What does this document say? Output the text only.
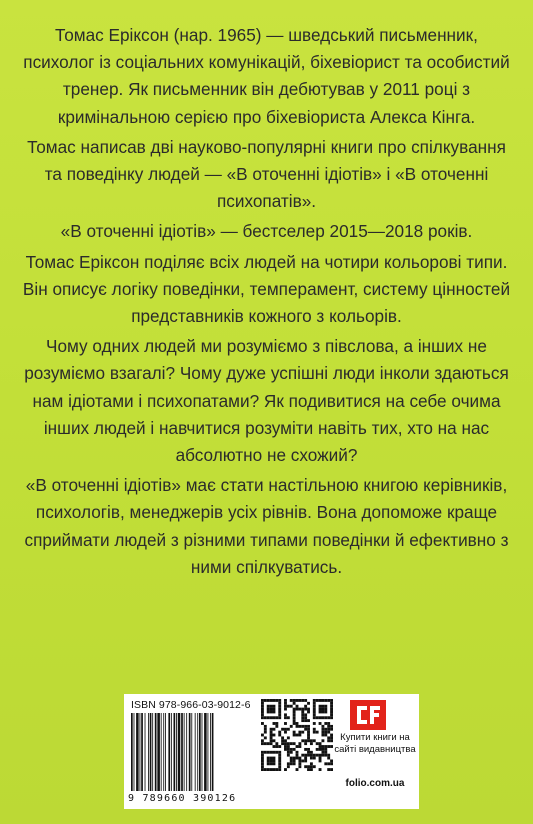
Томас Еріксон (нар. 1965) — шведський письменник, психолог із соціальних комунікацій, біхевіорист та особистий тренер. Як письменник він дебютував у 2011 році з кримінальною серією про біхевіориста Алекса Кінга.

Томас написав дві науково-популярні книги про спілкування та поведінку людей — «В оточенні ідіотів» і «В оточенні психопатів».

«В оточенні ідіотів» — бестселер 2015—2018 років.

Томас Еріксон поділяє всіх людей на чотири кольорові типи. Він описує логіку поведінки, темперамент, систему цінностей представників кожного з кольорів.

Чому одних людей ми розуміємо з півслова, а інших не розуміємо взагалі? Чому дуже успішні люди інколи здаються нам ідіотами і психопатами? Як подивитися на себе очима інших людей і навчитися розуміти навіть тих, хто на нас абсолютно не схожий?

«В оточенні ідіотів» має стати настільною книгою керівників, психологів, менеджерів усіх рівнів. Вона допоможе краще сприймати людей з різними типами поведінки й ефективно з ними спілкуватись.

ISBN 978-966-03-9012-6
9 789660 390126
Купити книги на сайті видавництва
folio.com.ua
